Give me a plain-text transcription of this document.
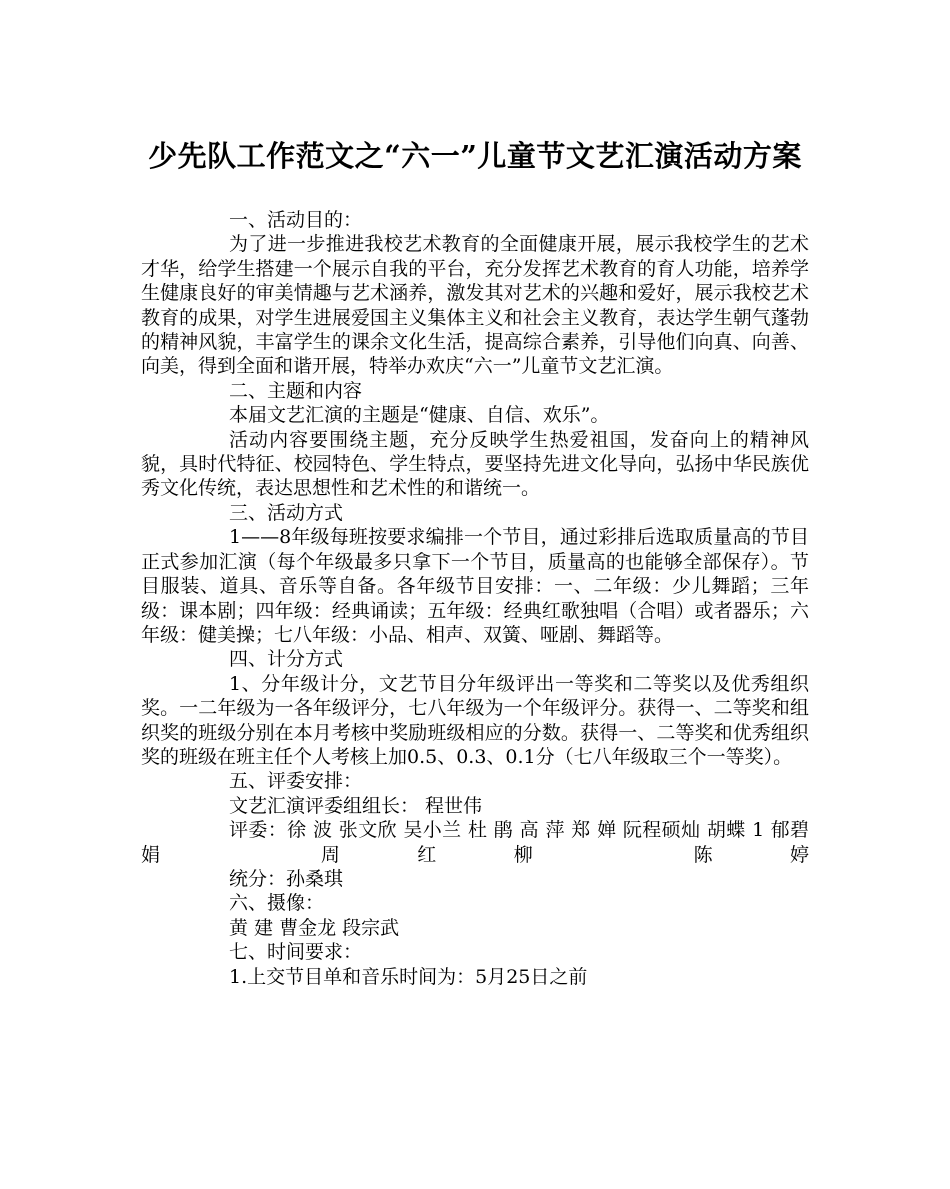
少先队工作范文之“六一”儿童节文艺汇演活动方案

一、活动目的：

为了进一步推进我校艺术教育的全面健康开展，展示我校学生的艺术才华，给学生搭建一个展示自我的平台，充分发挥艺术教育的育人功能，培养学生健康良好的审美情趣与艺术涵养，激发其对艺术的兴趣和爱好，展示我校艺术教育的成果，对学生进展爱国主义集体主义和社会主义教育，表达学生朝气蓬勃的精神风貌，丰富学生的课余文化生活，提高综合素养，引导他们向真、向善、向美，得到全面和谐开展，特举办欢庆“六一”儿童节文艺汇演。

二、主题和内容

本届文艺汇演的主题是“健康、自信、欢乐”。

活动内容要围绕主题，充分反映学生热爱祖国，发奋向上的精神风貌，具时代特征、校园特色、学生特点，要坚持先进文化导向，弘扬中华民族优秀文化传统，表达思想性和艺术性的和谐统一。

三、活动方式

1——8年级每班按要求编排一个节目，通过彩排后选取质量高的节目正式参加汇演（每个年级最多只拿下一个节目，质量高的也能够全部保存）。节目服装、道具、音乐等自备。各年级节目安排：一、二年级：少儿舞蹈；三年级：课本剧；四年级：经典诵读；五年级：经典红歌独唱（合唱）或者器乐；六年级：健美操；七八年级：小品、相声、双簧、哑剧、舞蹈等。

四、计分方式

1、分年级计分，文艺节目分年级评出一等奖和二等奖以及优秀组织奖。一二年级为一各年级评分，七八年级为一个年级评分。获得一、二等奖和组织奖的班级分别在本月考核中奖励班级相应的分数。获得一、二等奖和优秀组织奖的班级在班主任个人考核上加0.5、0.3、0.1分（七八年级取三个一等奖）。

五、评委安排：

文艺汇演评委组组长： 程世伟

评委：徐 波 张文欣 吴小兰 杜 鹃 高 萍 郑 婵 阮程硕灿 胡蝶 1 郁碧娟 周红柳 陈婷

统分：孙桑琪

六、摄像：

黄 建 曹金龙 段宗武

七、时间要求：

1.上交节目单和音乐时间为：5月25日之前
